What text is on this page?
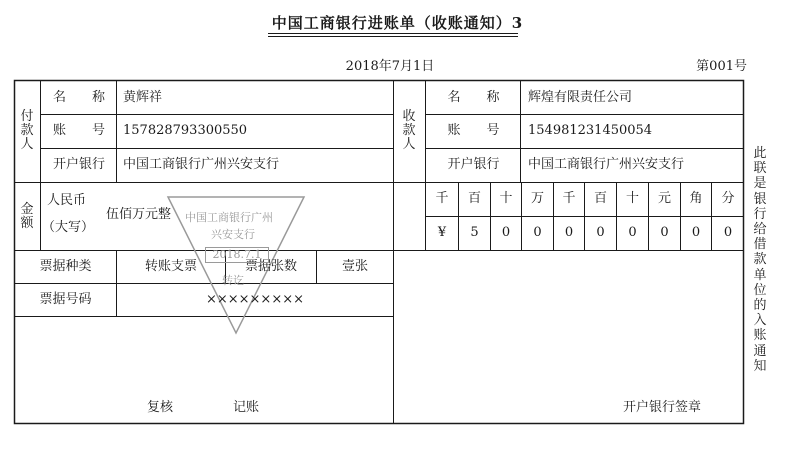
中国工商银行进账单（收账通知）3
2018年7月1日	第001号
付款人
名　　称	黄辉祥
账　　号	157828793300550
开户银行	中国工商银行广州兴安支行
收款人
名　　称	辉煌有限责任公司
账　　号	154981231450054
开户银行	中国工商银行广州兴安支行
金额
人民币
（大写）
伍佰万元整
千	百	十	万	千	百	十	元	角	分
¥	5	0	0	0	0	0	0	0	0
票据种类	转账支票	票据张数	壹张
票据号码	×××××××××
复核	记账	开户银行签章
中国工商银行广州
兴安支行
2018.7.1
转讫
此联是银行给借款单位的入账通知
